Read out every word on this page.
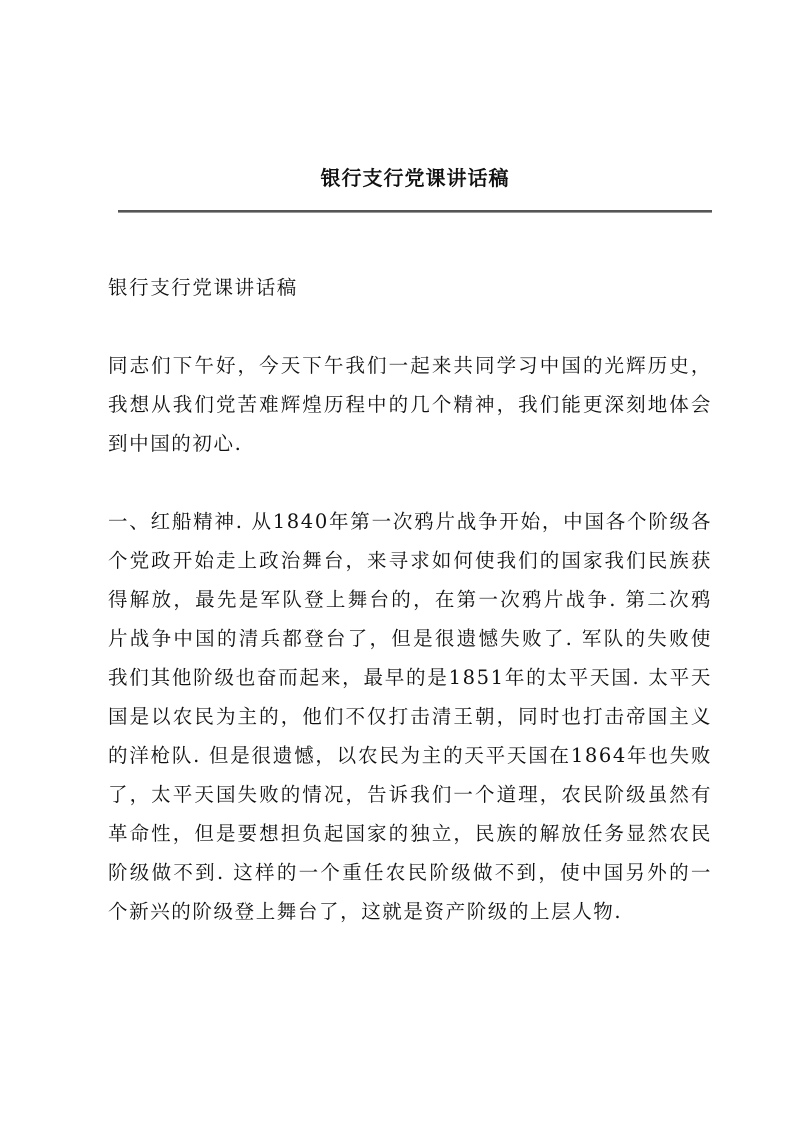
银行支行党课讲话稿

银行支行党课讲话稿

同志们下午好，今天下午我们一起来共同学习中国的光辉历史，我想从我们党苦难辉煌历程中的几个精神，我们能更深刻地体会到中国的初心.

一、红船精神. 从1840年第一次鸦片战争开始，中国各个阶级各个党政开始走上政治舞台，来寻求如何使我们的国家我们民族获得解放，最先是军队登上舞台的，在第一次鸦片战争. 第二次鸦片战争中国的清兵都登台了，但是很遗憾失败了. 军队的失败使我们其他阶级也奋而起来，最早的是1851年的太平天国. 太平天国是以农民为主的，他们不仅打击清王朝，同时也打击帝国主义的洋枪队. 但是很遗憾，以农民为主的天平天国在1864年也失败了，太平天国失败的情况，告诉我们一个道理，农民阶级虽然有革命性，但是要想担负起国家的独立，民族的解放任务显然农民阶级做不到. 这样的一个重任农民阶级做不到，使中国另外的一个新兴的阶级登上舞台了，这就是资产阶级的上层人物.
